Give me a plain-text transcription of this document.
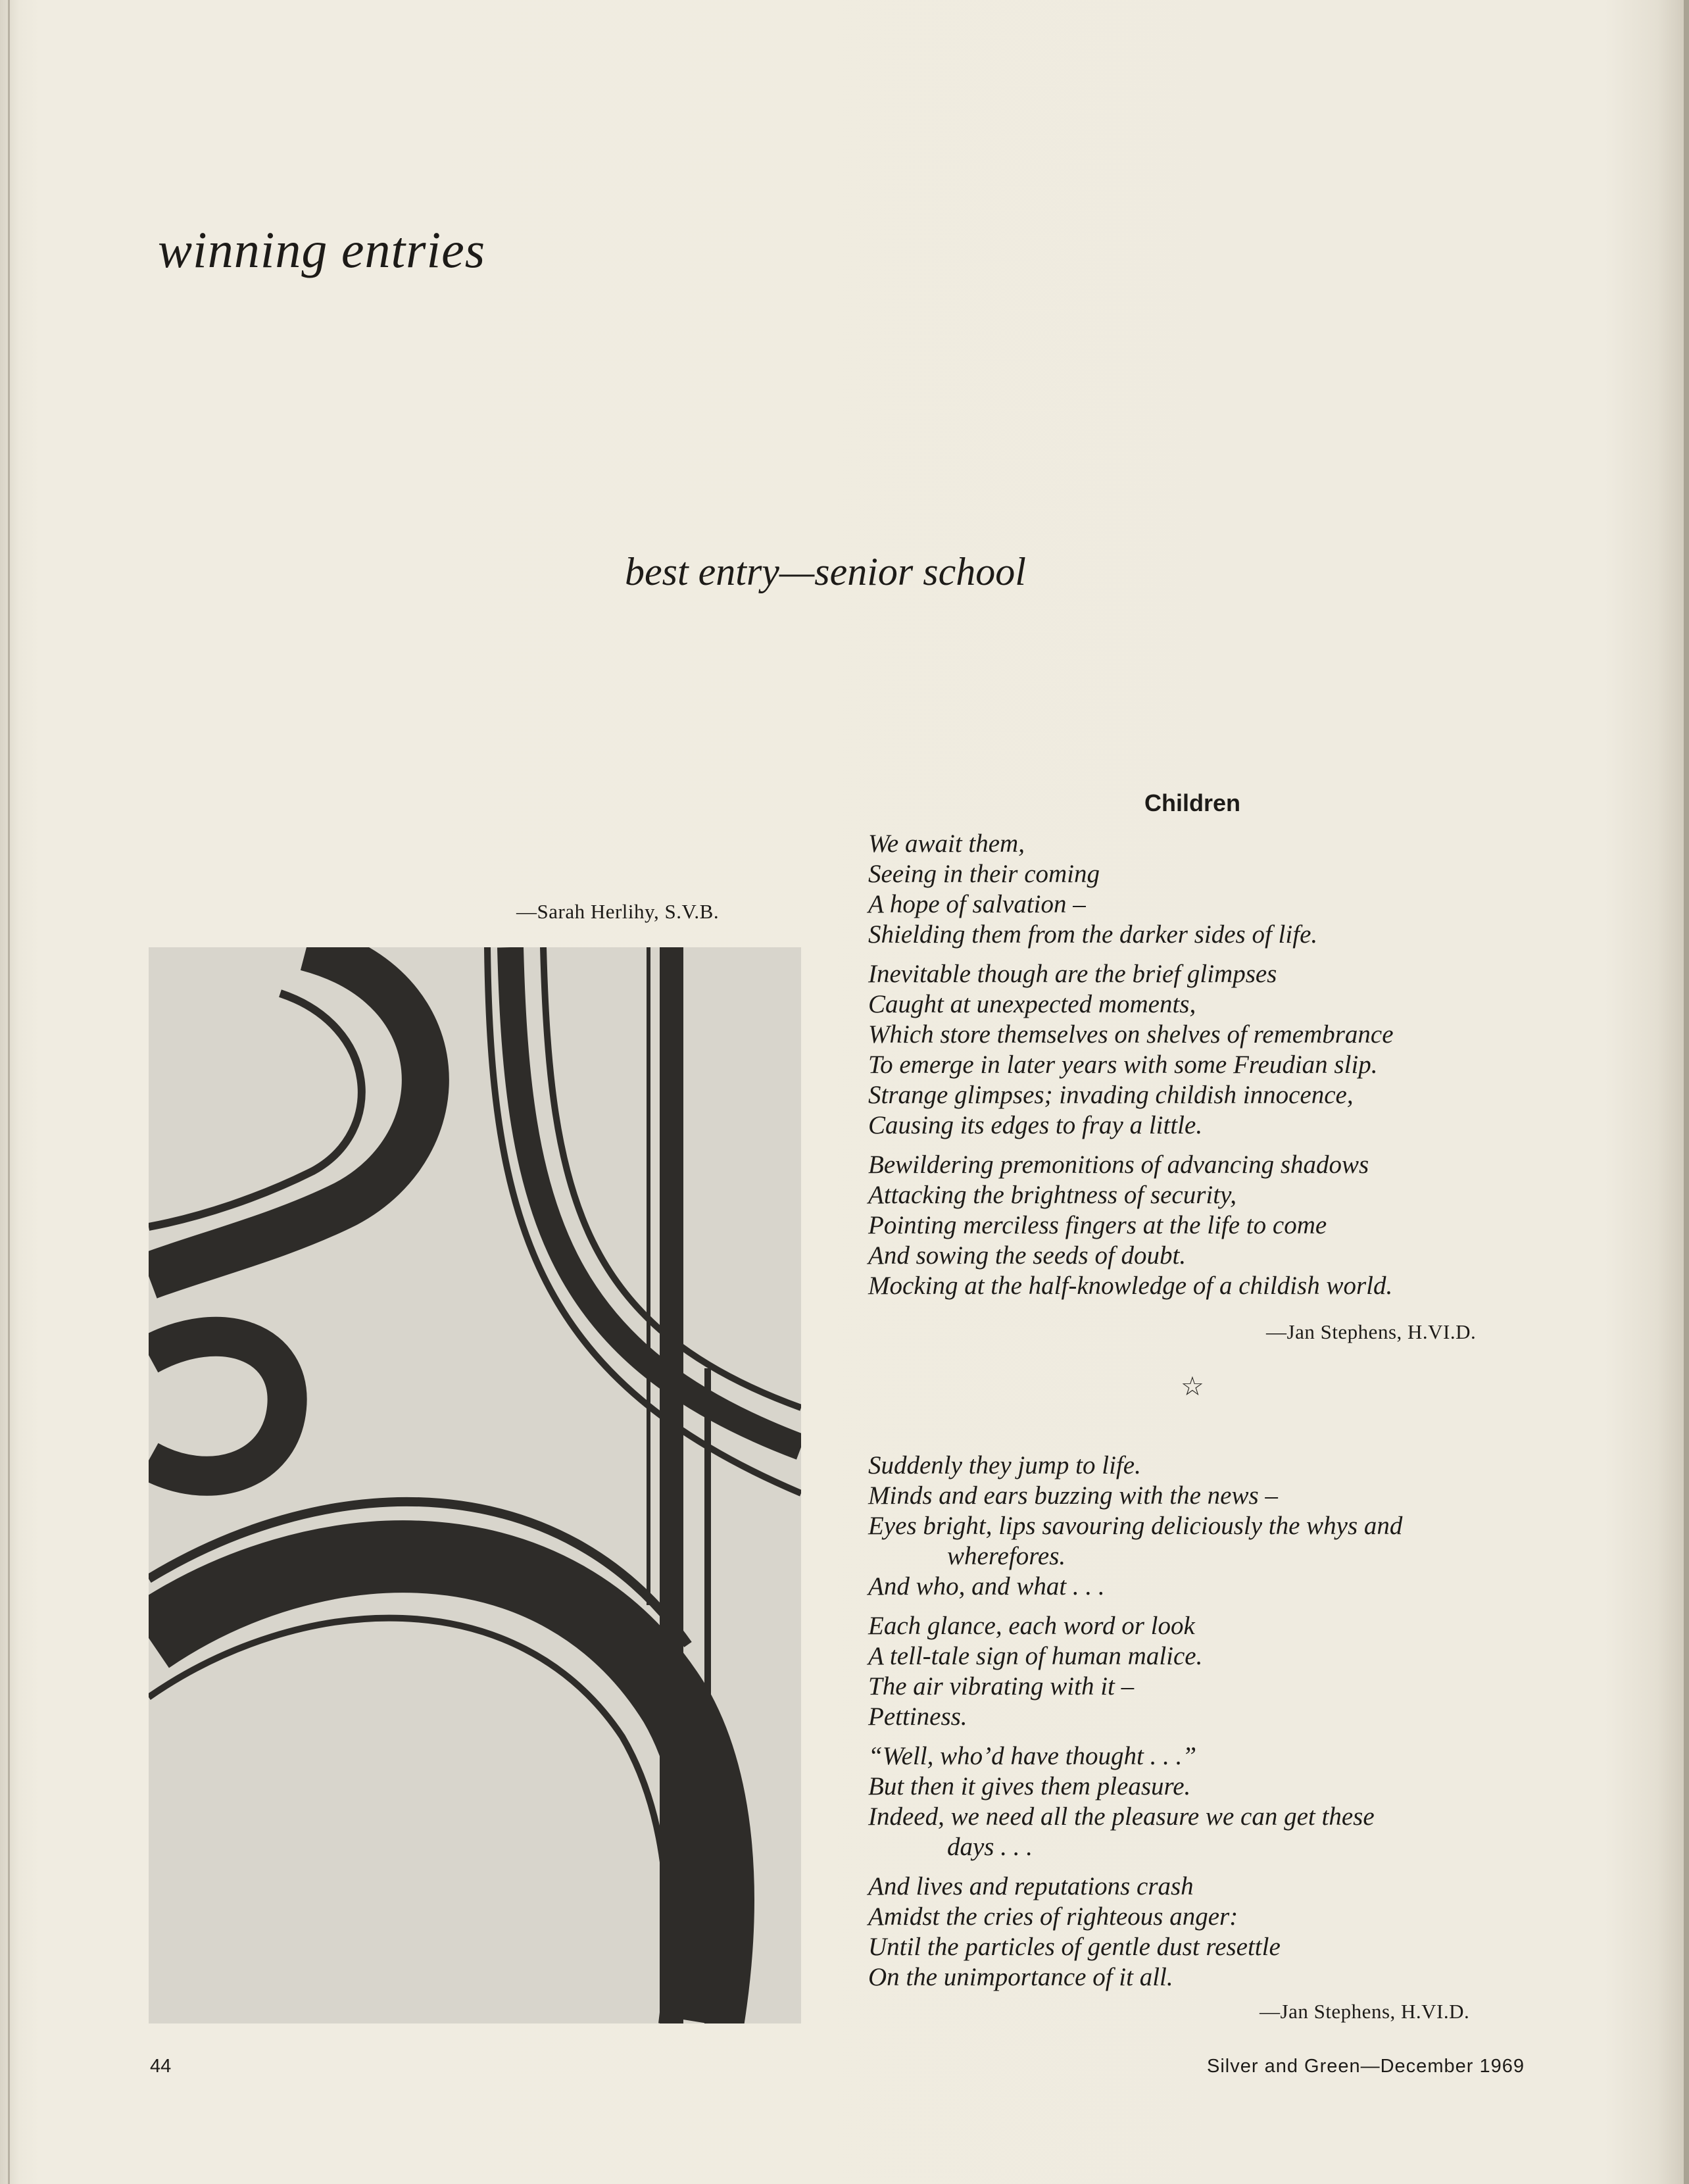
winning entries
best entry—senior school
—Sarah Herlihy, S.V.B.
Children
We await them,
Seeing in their coming
A hope of salvation –
Shielding them from the darker sides of life.
Inevitable though are the brief glimpses
Caught at unexpected moments,
Which store themselves on shelves of remembrance
To emerge in later years with some Freudian slip.
Strange glimpses; invading childish innocence,
Causing its edges to fray a little.
Bewildering premonitions of advancing shadows
Attacking the brightness of security,
Pointing merciless fingers at the life to come
And sowing the seeds of doubt.
Mocking at the half-knowledge of a childish world.
—Jan Stephens, H.VI.D.
☆
Suddenly they jump to life.
Minds and ears buzzing with the news –
Eyes bright, lips savouring deliciously the whys and
wherefores.
And who, and what . . .
Each glance, each word or look
A tell-tale sign of human malice.
The air vibrating with it –
Pettiness.
“Well, who’d have thought . . .”
But then it gives them pleasure.
Indeed, we need all the pleasure we can get these
days . . .
And lives and reputations crash
Amidst the cries of righteous anger:
Until the particles of gentle dust resettle
On the unimportance of it all.
—Jan Stephens, H.VI.D.
44	Silver and Green—December 1969
